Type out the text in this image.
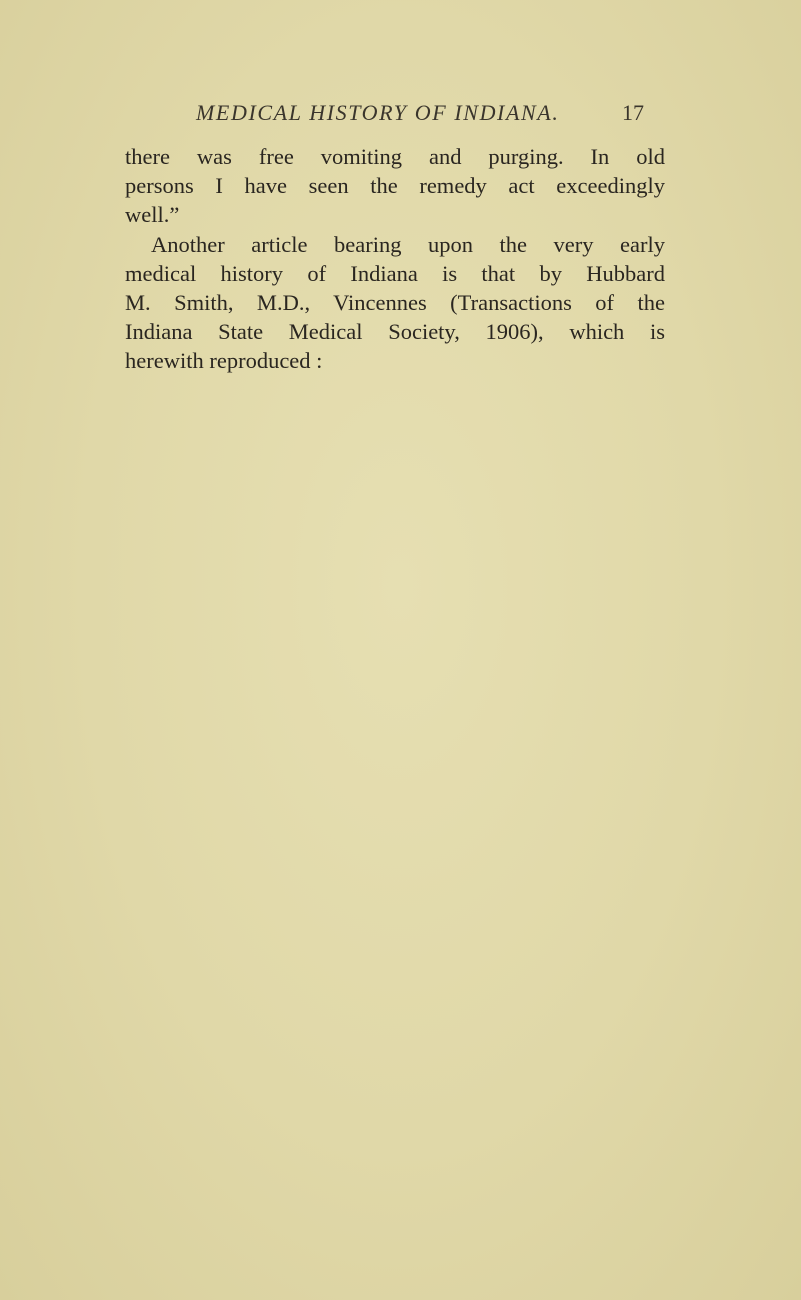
MEDICAL HISTORY OF INDIANA.	17
there was free vomiting and purging. In old
persons I have seen the remedy act exceedingly
well.”
Another article bearing upon the very early
medical history of Indiana is that by Hubbard
M. Smith, M.D., Vincennes (Transactions of the
Indiana State Medical Society, 1906), which is
herewith reproduced :
